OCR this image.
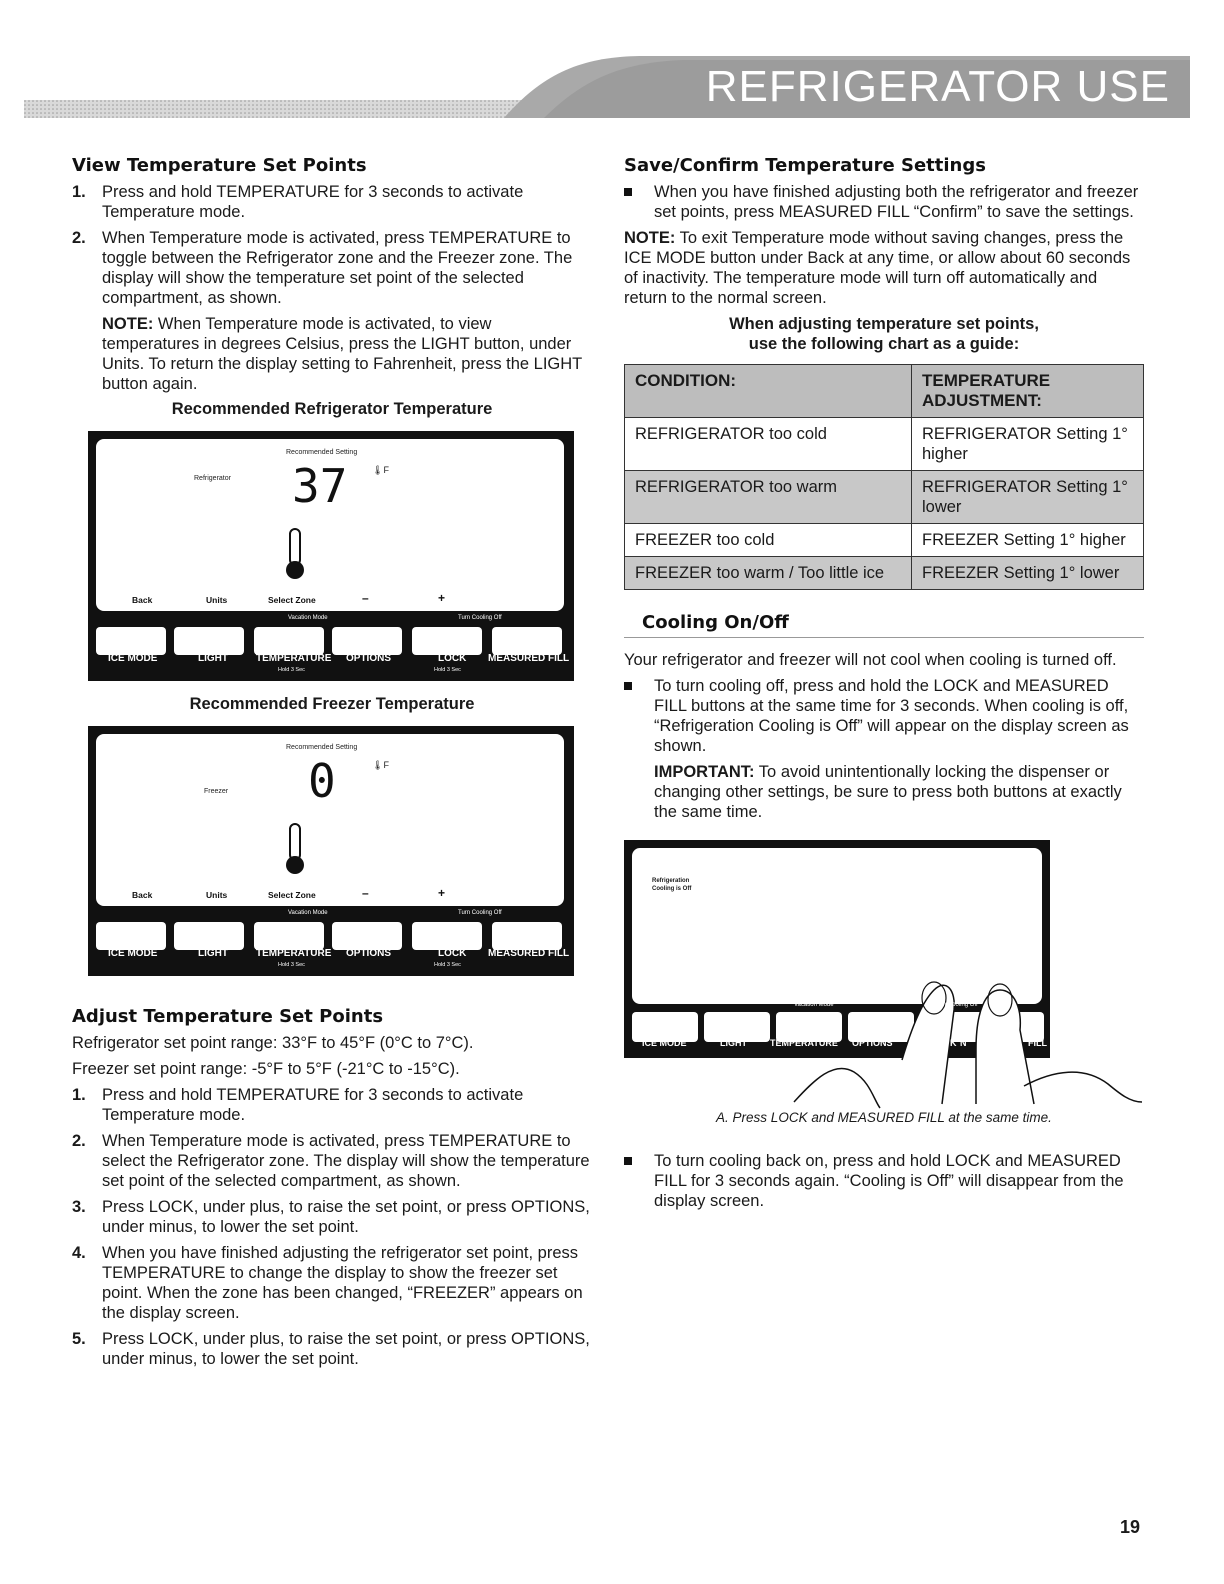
REFRIGERATOR USE
View Temperature Set Points
1. Press and hold TEMPERATURE for 3 seconds to activate Temperature mode.
2. When Temperature mode is activated, press TEMPERATURE to toggle between the Refrigerator zone and the Freezer zone. The display will show the temperature set point of the selected compartment, as shown.

NOTE: When Temperature mode is activated, to view temperatures in degrees Celsius, press the LIGHT button, under Units. To return the display setting to Fahrenheit, press the LIGHT button again.

Recommended Refrigerator Temperature
Recommended Setting
Refrigerator 37	🌡F
Back	Units	Select Zone	–	+
Vacation Mode	Turn Cooling Off
ICE MODE	LIGHT	TEMPERATURE OPTIONS	LOCK MEASURED FILL
Hold 3 Sec	Hold 3 Sec
Recommended Freezer Temperature
Recommended Setting
Freezer 0	🌡F
Back	Units	Select Zone	–	+
Vacation Mode	Turn Cooling Off
ICE MODE	LIGHT	TEMPERATURE OPTIONS	LOCK MEASURED FILL
Hold 3 Sec	Hold 3 Sec
Adjust Temperature Set Points

Refrigerator set point range: 33°F to 45°F (0°C to 7°C).

Freezer set point range: -5°F to 5°F (-21°C to -15°C).

1. Press and hold TEMPERATURE for 3 seconds to activate Temperature mode.
2. When Temperature mode is activated, press TEMPERATURE to select the Refrigerator zone. The display will show the temperature set point of the selected compartment, as shown.
3. Press LOCK, under plus, to raise the set point, or press OPTIONS, under minus, to lower the set point.
4. When you have finished adjusting the refrigerator set point, press TEMPERATURE to change the display to show the freezer set point. When the zone has been changed, “FREEZER” appears on the display screen.
5. Press LOCK, under plus, to raise the set point, or press OPTIONS, under minus, to lower the set point.
Save/Confirm Temperature Settings
When you have finished adjusting both the refrigerator and freezer set points, press MEASURED FILL “Confirm” to save the settings.

NOTE: To exit Temperature mode without saving changes, press the ICE MODE button under Back at any time, or allow about 60 seconds of inactivity. The temperature mode will turn off automatically and return to the normal screen.

When adjusting temperature set points,
use the following chart as a guide:
CONDITION:	TEMPERATURE ADJUSTMENT:
REFRIGERATOR too cold	REFRIGERATOR Setting 1° higher
REFRIGERATOR too warm	REFRIGERATOR Setting 1° lower
FREEZER too cold	FREEZER Setting 1° higher
FREEZER too warm / Too little ice	FREEZER Setting 1° lower
Cooling On/Off

Your refrigerator and freezer will not cool when cooling is turned off.

To turn cooling off, press and hold the LOCK and MEASURED FILL buttons at the same time for 3 seconds. When cooling is off, “Refrigeration Cooling is Off” will appear on the display screen as shown.

IMPORTANT: To avoid unintentionally locking the dispenser or changing other settings, be sure to press both buttons at exactly the same time.

Refrigeration
Cooling is Off
Vacation Mode	Turn Cooling Off
ICE MODE	LIGHT	TEMPERATURE OPTIONS	K N	FILL
A. Press LOCK and MEASURED FILL at the same time.
To turn cooling back on, press and hold LOCK and MEASURED FILL for 3 seconds again. “Cooling is Off” will disappear from the display screen.
19
